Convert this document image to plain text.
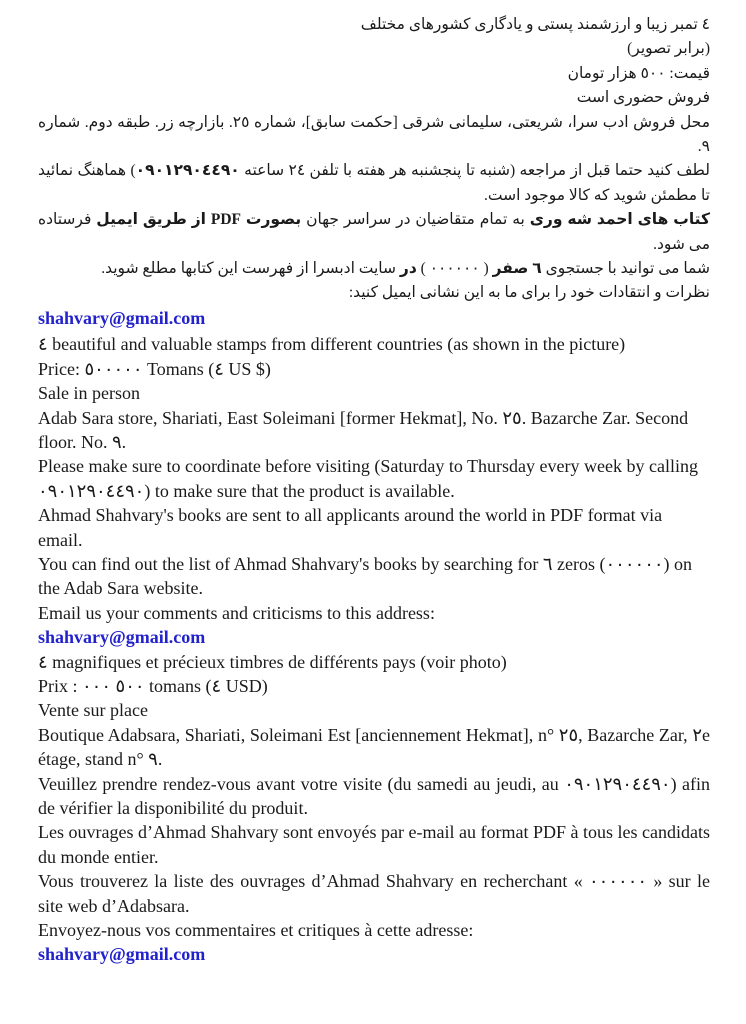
٤ تمبر زیبا و ارزشمند پستی و یادگاری کشورهای مختلف
(برابر تصویر)
قیمت: ٥٠٠ هزار تومان
فروش حضوری است
محل فروش ادب سرا، شریعتی، سلیمانی شرقی [حکمت سابق]، شماره ٢٥. بازارچه زر. طبقه دوم. شماره ٩.
لطف کنید حتما قبل از مراجعه (شنبه تا پنجشنبه هر هفته با تلفن ٢٤ ساعته ٠٩٠١٢٩٠٤٤٩٠) هماهنگ نمائید تا مطمئن شوید که کالا موجود است.
کتاب های احمد شه وری به تمام متقاضیان در سراسر جهان بصورت PDF از طریق ایمیل فرستاده می شود.
شما می توانید با جستجوی ٦ صفر ( ٠٠٠٠٠٠ ) در سایت ادبسرا از فهرست این کتابها مطلع شوید.
نظرات و انتقادات خود را برای ما به این نشانی ایمیل کنید:
shahvary@gmail.com
٤ beautiful and valuable stamps from different countries (as shown in the picture)
Price: ٥٠٠٠٠٠ Tomans (٤ US $)
Sale in person
Adab Sara store, Shariati, East Soleimani [former Hekmat], No. ٢٥. Bazarche Zar. Second floor. No. ٩.
Please make sure to coordinate before visiting (Saturday to Thursday every week by calling ٠٩٠١٢٩٠٤٤٩٠) to make sure that the product is available.
Ahmad Shahvary's books are sent to all applicants around the world in PDF format via email.
You can find out the list of Ahmad Shahvary's books by searching for ٦ zeros (٠٠٠٠٠٠) on the Adab Sara website.
Email us your comments and criticisms to this address:
shahvary@gmail.com
٤ magnifiques et précieux timbres de différents pays (voir photo)
Prix : ٥٠٠ ٠٠٠ tomans (٤ USD)
Vente sur place
Boutique Adabsara, Shariati, Soleimani Est [anciennement Hekmat], n° ٢٥, Bazarche Zar, ٢e étage, stand n° ٩.
Veuillez prendre rendez-vous avant votre visite (du samedi au jeudi, au ٠٩٠١٢٩٠٤٤٩٠) afin de vérifier la disponibilité du produit.
Les ouvrages d’Ahmad Shahvary sont envoyés par e-mail au format PDF à tous les candidats du monde entier.
Vous trouverez la liste des ouvrages d’Ahmad Shahvary en recherchant « ٠٠٠٠٠٠ » sur le site web d’Adabsara.
Envoyez-nous vos commentaires et critiques à cette adresse:
shahvary@gmail.com
